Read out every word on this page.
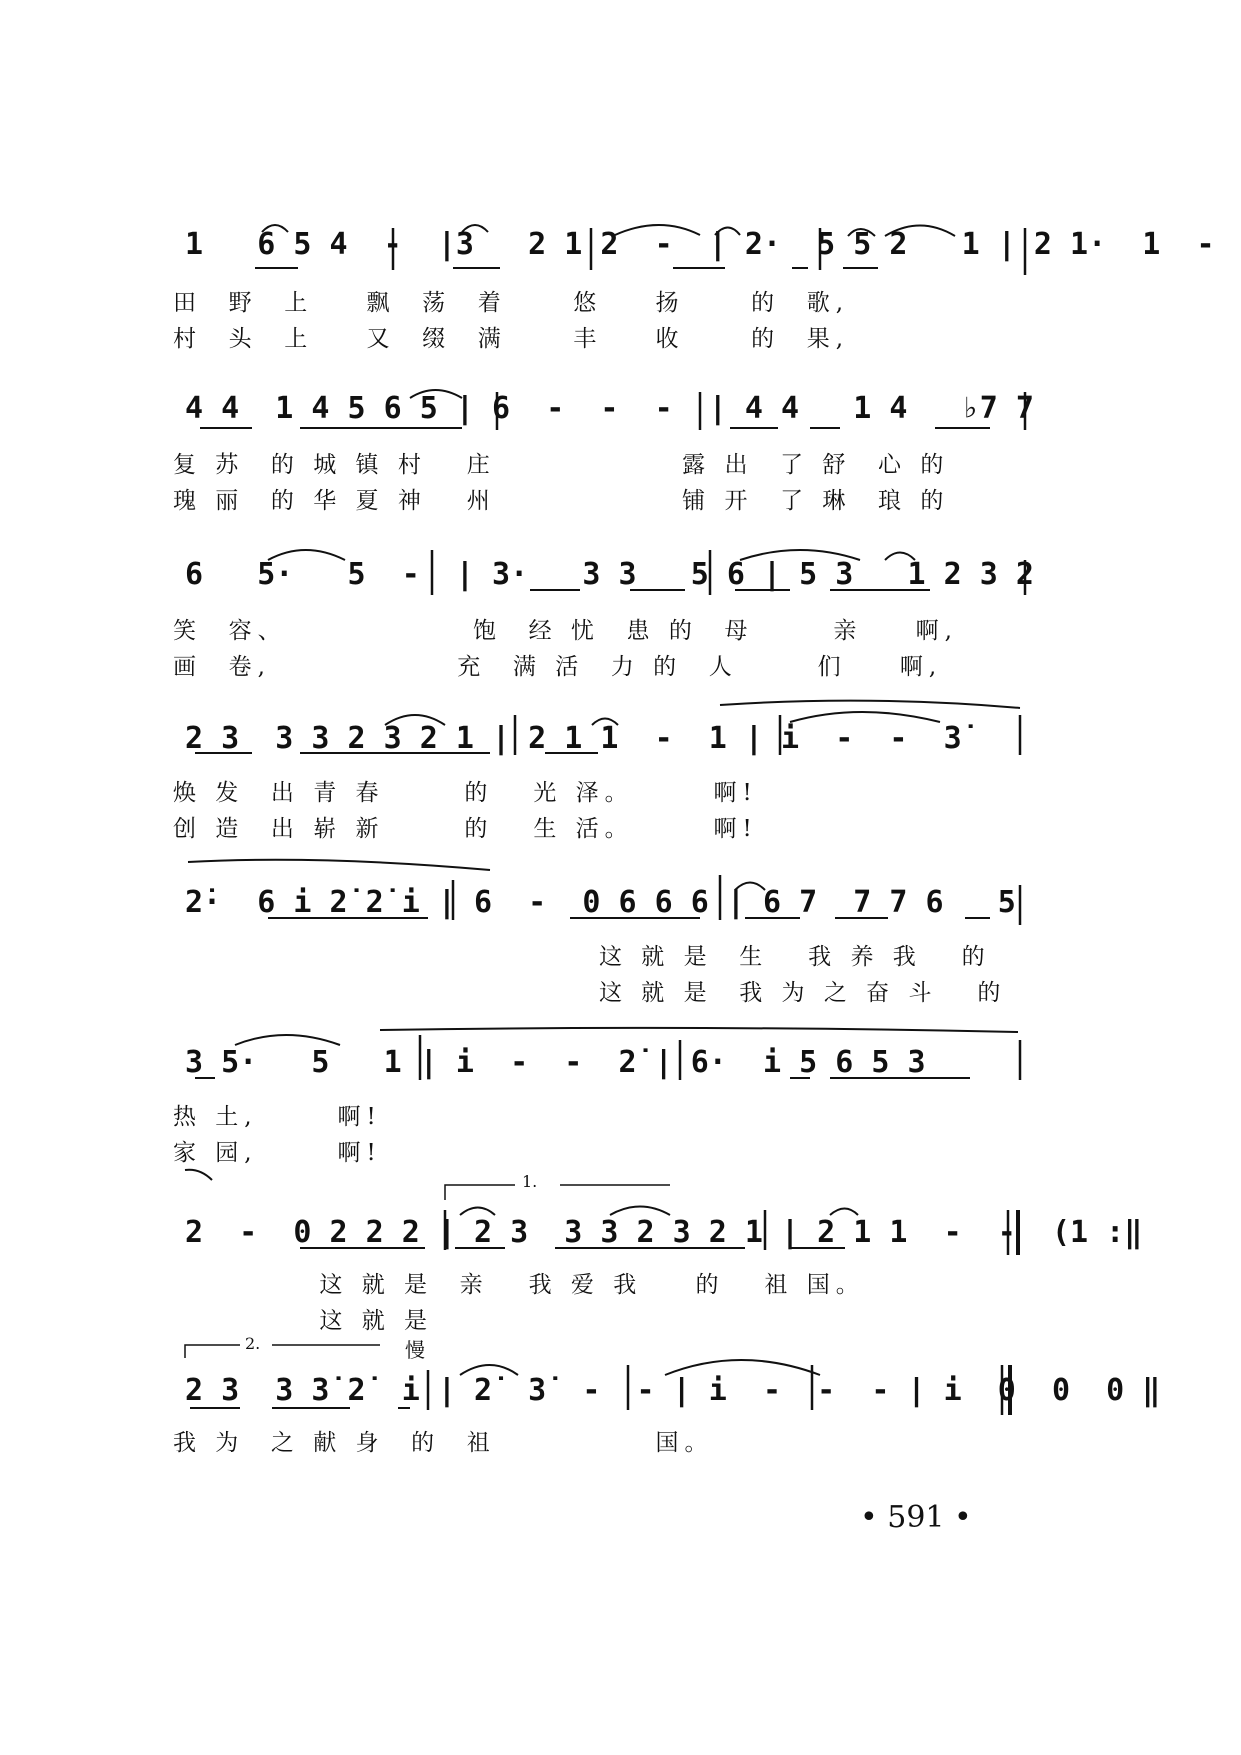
1   6 5 4  -  |3   2 1 2  -  | 2·  5 5 2   1 | 2 1·  1  -
田  野  上    飘  荡  着     悠    扬     的  歌,
村  头  上    又  缀  满     丰    收     的  果,
4 4  1 4 5 6 5 | 6  -  -  -  | 4 4   1 4   ♭7 7
复 苏  的 城 镇 村   庄              露 出  了 舒  心 的
瑰 丽  的 华 夏 神   州              铺 开  了 琳  琅 的
6   5·   5  -  | 3·   3 3   5 6 | 5 3   1 2 3 2
笑  容、              饱  经 忧  患 的  母      亲    啊,
画  卷,              充  满 活  力 的  人      们    啊,
2 3  3 3 2 3 2 1 | 2 1 1  -  1 | i  -  -  3̇
焕 发  出 青 春      的   光 泽。      啊!
创 造  出 崭 新      的   生 活。      啊!
2̇·  6 i 2̇ 2̇ i | 6  -  0 6 6 6 | 6 7  7 7 6   5
这 就 是  生   我 养 我   的
这 就 是  我 为 之 奋 斗   的
3 5·   5   1 | i  -  -  2̇ | 6·  i 5 6 5 3
热 土,      啊!
家 园,      啊!
1.
2  -  0 2 2 2 | 2 3  3 3 2 3 2 1 | 2 1 1  -  -  (1 :‖
这 就 是  亲   我 爱 我    的   祖 国。
这 就 是
2.	慢
2 3  3 3̇ 2̇  i | 2̇  3̇  -  - | i  -  -  - | i  0  0  0 ‖
我 为  之 献 身  的  祖            国。
• 591 •
